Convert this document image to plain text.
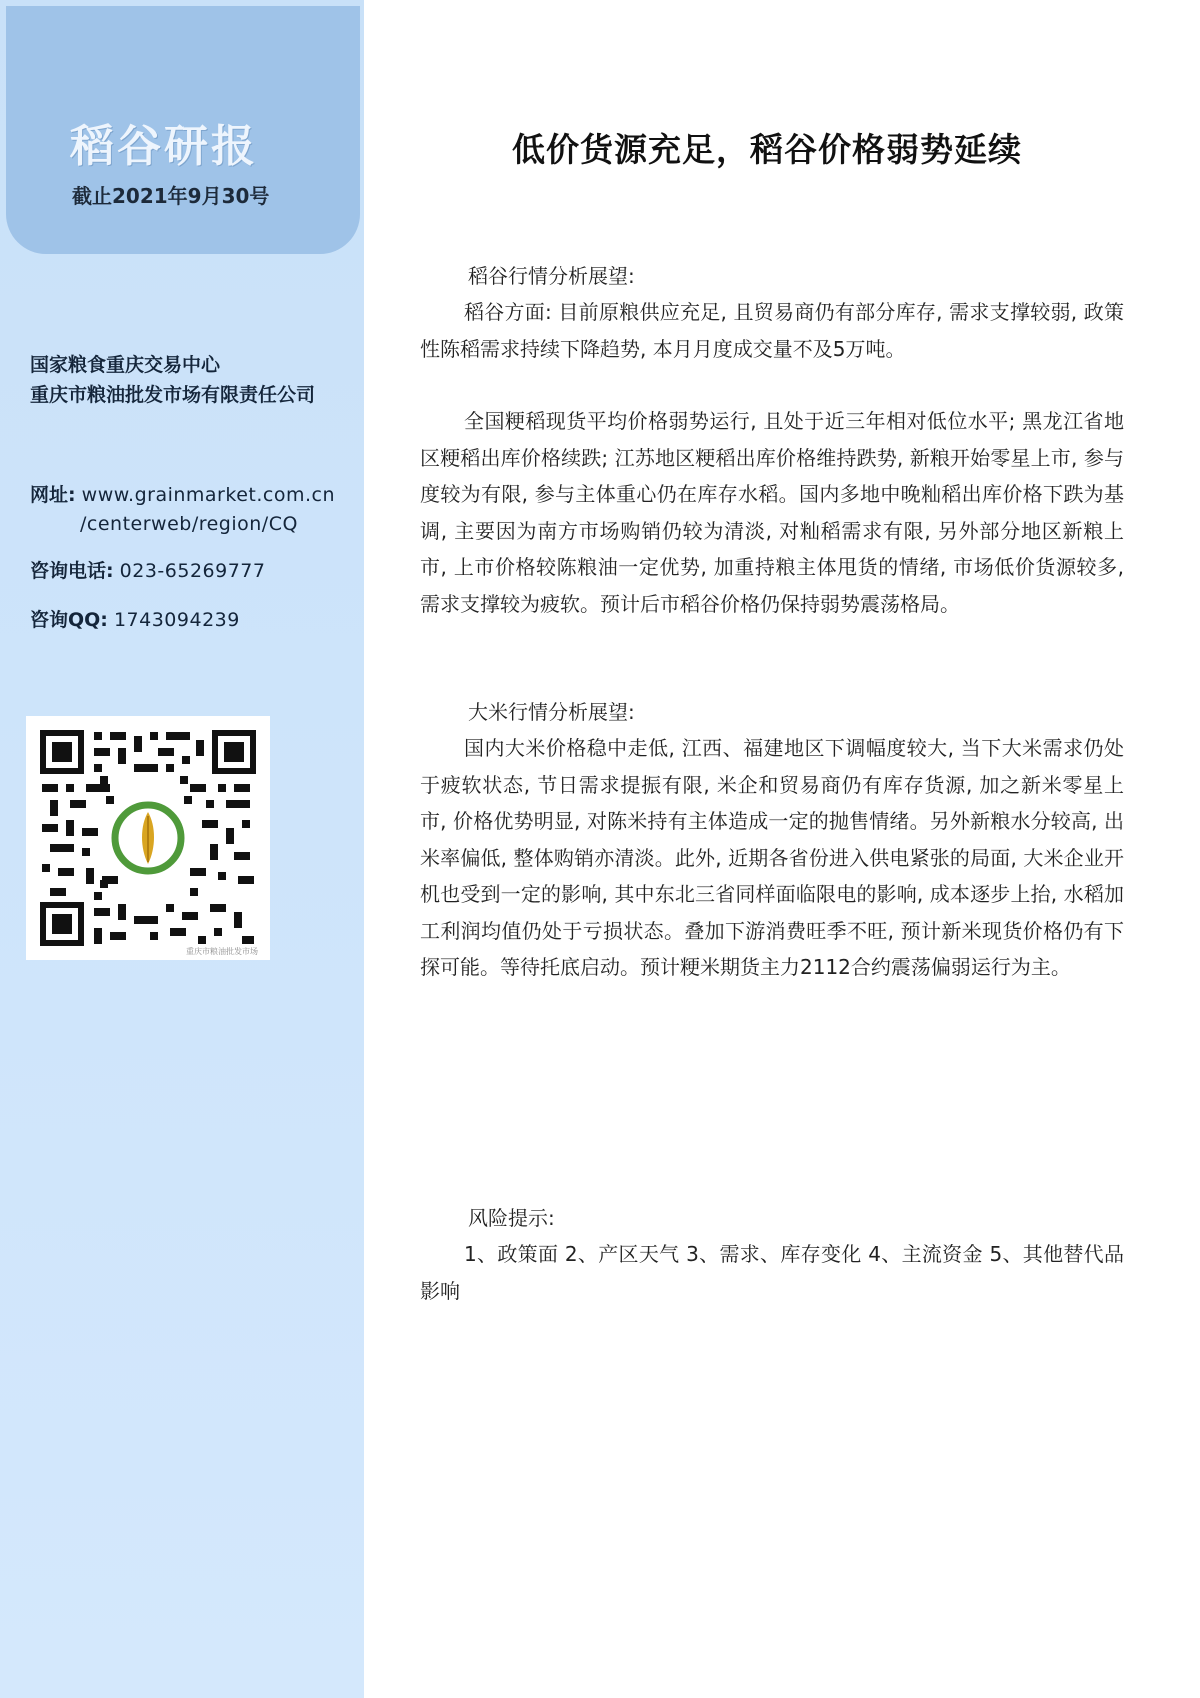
稻谷研报
截止2021年9月30号
国家粮食重庆交易中心
重庆市粮油批发市场有限责任公司
网址: www.grainmarket.com.cn
/centerweb/region/CQ
咨询电话: 023-65269777
咨询QQ: 1743094239
重庆市粮油批发市场
低价货源充足，稻谷价格弱势延续
稻谷行情分析展望:
稻谷方面: 目前原粮供应充足, 且贸易商仍有部分库存, 需求支撑较弱, 政策性陈稻需求持续下降趋势, 本月月度成交量不及5万吨。
全国粳稻现货平均价格弱势运行, 且处于近三年相对低位水平; 黑龙江省地区粳稻出库价格续跌; 江苏地区粳稻出库价格维持跌势, 新粮开始零星上市, 参与度较为有限, 参与主体重心仍在库存水稻。国内多地中晚籼稻出库价格下跌为基调, 主要因为南方市场购销仍较为清淡, 对籼稻需求有限, 另外部分地区新粮上市, 上市价格较陈粮油一定优势, 加重持粮主体甩货的情绪, 市场低价货源较多, 需求支撑较为疲软。预计后市稻谷价格仍保持弱势震荡格局。
大米行情分析展望:
国内大米价格稳中走低, 江西、福建地区下调幅度较大, 当下大米需求仍处于疲软状态, 节日需求提振有限, 米企和贸易商仍有库存货源, 加之新米零星上市, 价格优势明显, 对陈米持有主体造成一定的抛售情绪。另外新粮水分较高, 出米率偏低, 整体购销亦清淡。此外, 近期各省份进入供电紧张的局面, 大米企业开机也受到一定的影响, 其中东北三省同样面临限电的影响, 成本逐步上抬, 水稻加工利润均值仍处于亏损状态。叠加下游消费旺季不旺, 预计新米现货价格仍有下探可能。等待托底启动。预计粳米期货主力2112合约震荡偏弱运行为主。
风险提示:
1、政策面 2、产区天气 3、需求、库存变化 4、主流资金 5、其他替代品影响
